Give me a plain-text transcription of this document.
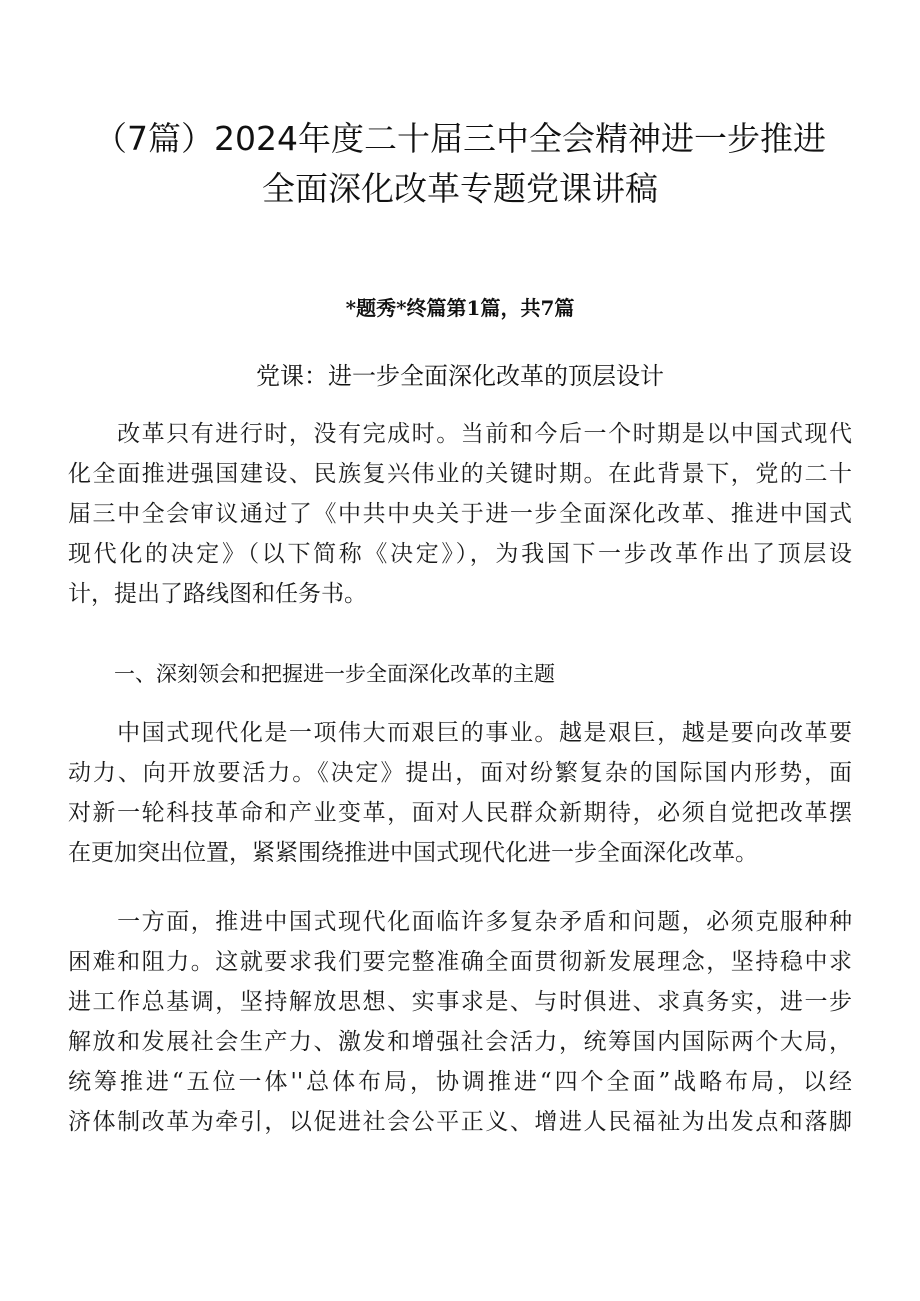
（7篇）2024年度二十届三中全会精神进一步推进
全面深化改革专题党课讲稿
*题秀*终篇第1篇，共7篇
党课：进一步全面深化改革的顶层设计
　　改革只有进行时，没有完成时。当前和今后一个时期是以中国式现代
化全面推进强国建设、民族复兴伟业的关键时期。在此背景下，党的二十
届三中全会审议通过了《中共中央关于进一步全面深化改革、推进中国式
现代化的决定》（以下简称《决定》），为我国下一步改革作出了顶层设
计，提出了路线图和任务书。
一、深刻领会和把握进一步全面深化改革的主题
　　中国式现代化是一项伟大而艰巨的事业。越是艰巨，越是要向改革要
动力、向开放要活力。《决定》提出，面对纷繁复杂的国际国内形势，面
对新一轮科技革命和产业变革，面对人民群众新期待，必须自觉把改革摆
在更加突出位置，紧紧围绕推进中国式现代化进一步全面深化改革。
　　一方面，推进中国式现代化面临许多复杂矛盾和问题，必须克服种种
困难和阻力。这就要求我们要完整准确全面贯彻新发展理念，坚持稳中求
进工作总基调，坚持解放思想、实事求是、与时俱进、求真务实，进一步
解放和发展社会生产力、激发和增强社会活力，统筹国内国际两个大局，
统筹推进“五位一体''总体布局，协调推进“四个全面”战略布局，以经
济体制改革为牵引，以促进社会公平正义、增进人民福祉为出发点和落脚
